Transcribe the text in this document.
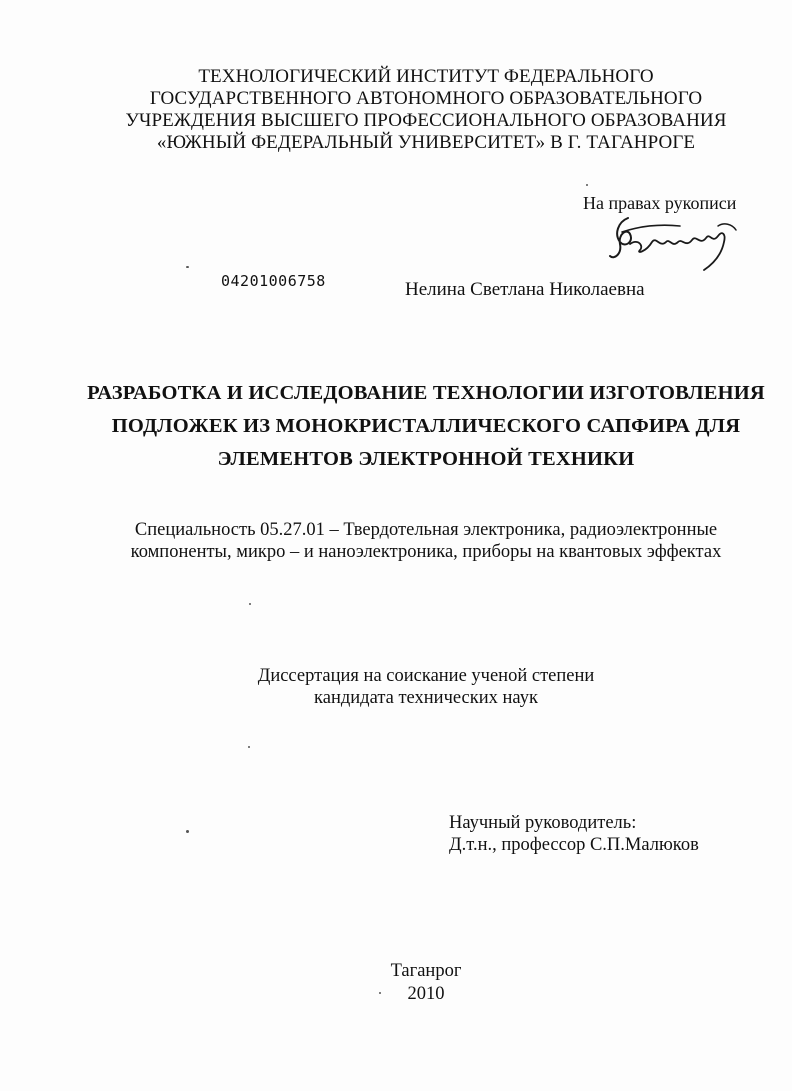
ТЕХНОЛОГИЧЕСКИЙ ИНСТИТУТ ФЕДЕРАЛЬНОГО
ГОСУДАРСТВЕННОГО АВТОНОМНОГО ОБРАЗОВАТЕЛЬНОГО
УЧРЕЖДЕНИЯ ВЫСШЕГО ПРОФЕССИОНАЛЬНОГО ОБРАЗОВАНИЯ
«ЮЖНЫЙ ФЕДЕРАЛЬНЫЙ УНИВЕРСИТЕТ» В Г. ТАГАНРОГЕ
На правах рукописи
04201006758	Нелина Светлана Николаевна
РАЗРАБОТКА И ИССЛЕДОВАНИЕ ТЕХНОЛОГИИ ИЗГОТОВЛЕНИЯ
ПОДЛОЖЕК ИЗ МОНОКРИСТАЛЛИЧЕСКОГО САПФИРА ДЛЯ
ЭЛЕМЕНТОВ ЭЛЕКТРОННОЙ ТЕХНИКИ
Специальность 05.27.01 – Твердотельная электроника, радиоэлектронные
компоненты, микро – и наноэлектроника, приборы на квантовых эффектах
Диссертация на соискание ученой степени
кандидата технических наук
Научный руководитель:
Д.т.н., профессор С.П.Малюков
Таганрог
2010
